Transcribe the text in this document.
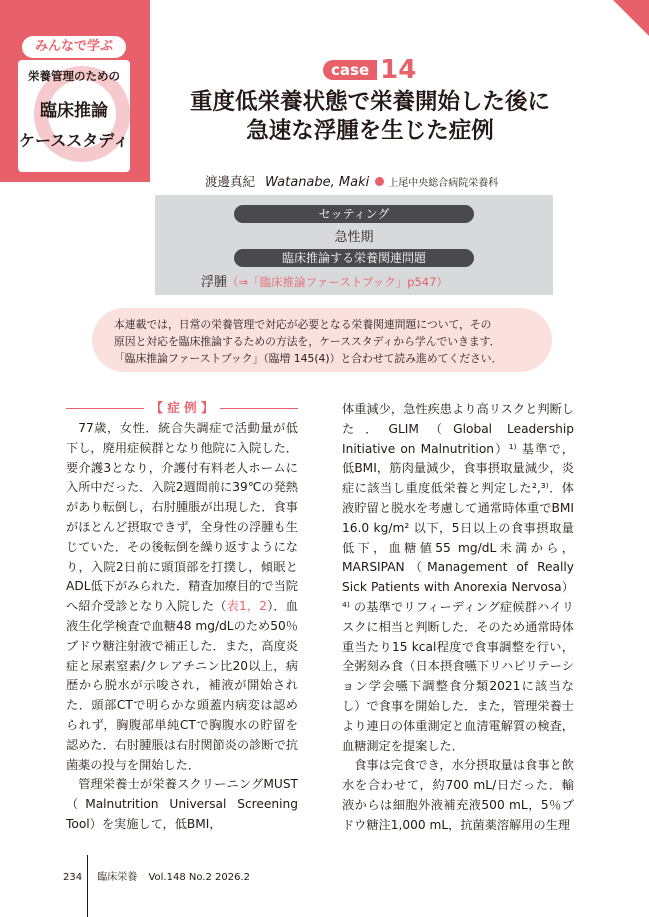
みんなで学ぶ
栄養管理のための
臨床推論
ケーススタディ
case 14
重度低栄養状態で栄養開始した後に
急速な浮腫を生じた症例
渡邊真紀 Watanabe, Maki 上尾中央総合病院栄養科
セッティング
急性期
臨床推論する栄養関連問題
浮腫（⇒「臨床推論ファーストブック」p547）
本連載では，日常の栄養管理で対応が必要となる栄養関連問題について，その
原因と対応を臨床推論するための方法を，ケーススタディから学んでいきます．
「臨床推論ファーストブック」（臨増 145(4)）と合わせて読み進めてください．
【 症 例 】

77歳，女性．統合失調症で活動量が低下し，廃用症候群となり他院に入院した．要介護3となり，介護付有料老人ホームに入所中だった．入院2週間前に39℃の発熱があり転倒し，右肘腫脹が出現した．食事がほとんど摂取できず，全身性の浮腫も生じていた．その後転倒を繰り返すようになり，入院2日前に頭頂部を打撲し，傾眠とADL低下がみられた．精査加療目的で当院へ紹介受診となり入院した（表1，2）．血液生化学検査で血糖48 mg/dLのため50％ブドウ糖注射液で補正した．また，高度炎症と尿素窒素/クレアチニン比20以上，病歴から脱水が示唆され，補液が開始された．頭部CTで明らかな頭蓋内病変は認められず，胸腹部単純CTで胸腹水の貯留を認めた．右肘腫脹は右肘関節炎の診断で抗菌薬の投与を開始した．

管理栄養士が栄養スクリーニングMUST（Malnutrition Universal Screening Tool）を実施して，低BMI，

体重減少，急性疾患より高リスクと判断した．GLIM（Global Leadership Initiative on Malnutrition）¹⁾ 基準で，低BMI，筋肉量減少，食事摂取量減少，炎症に該当し重度低栄養と判定した²,³⁾．体液貯留と脱水を考慮して通常時体重でBMI 16.0 kg/m² 以下，5日以上の食事摂取量低下，血糖値55 mg/dL未満から，MARSIPAN（Management of Really Sick Patients with Anorexia Nervosa）⁴⁾ の基準でリフィーディング症候群ハイリスクに相当と判断した．そのため通常時体重当たり15 kcal程度で食事調整を行い，全粥刻み食（日本摂食嚥下リハビリテーション学会嚥下調整食分類2021に該当なし）で食事を開始した．また，管理栄養士より連日の体重測定と血清電解質の検査，血糖測定を提案した．

食事は完食でき，水分摂取量は食事と飲水を合わせて，約700 mL/日だった．輸液からは細胞外液補充液500 mL，5％ブドウ糖注1,000 mL，抗菌薬溶解用の生理

234 臨床栄養 Vol.148 No.2 2026.2
